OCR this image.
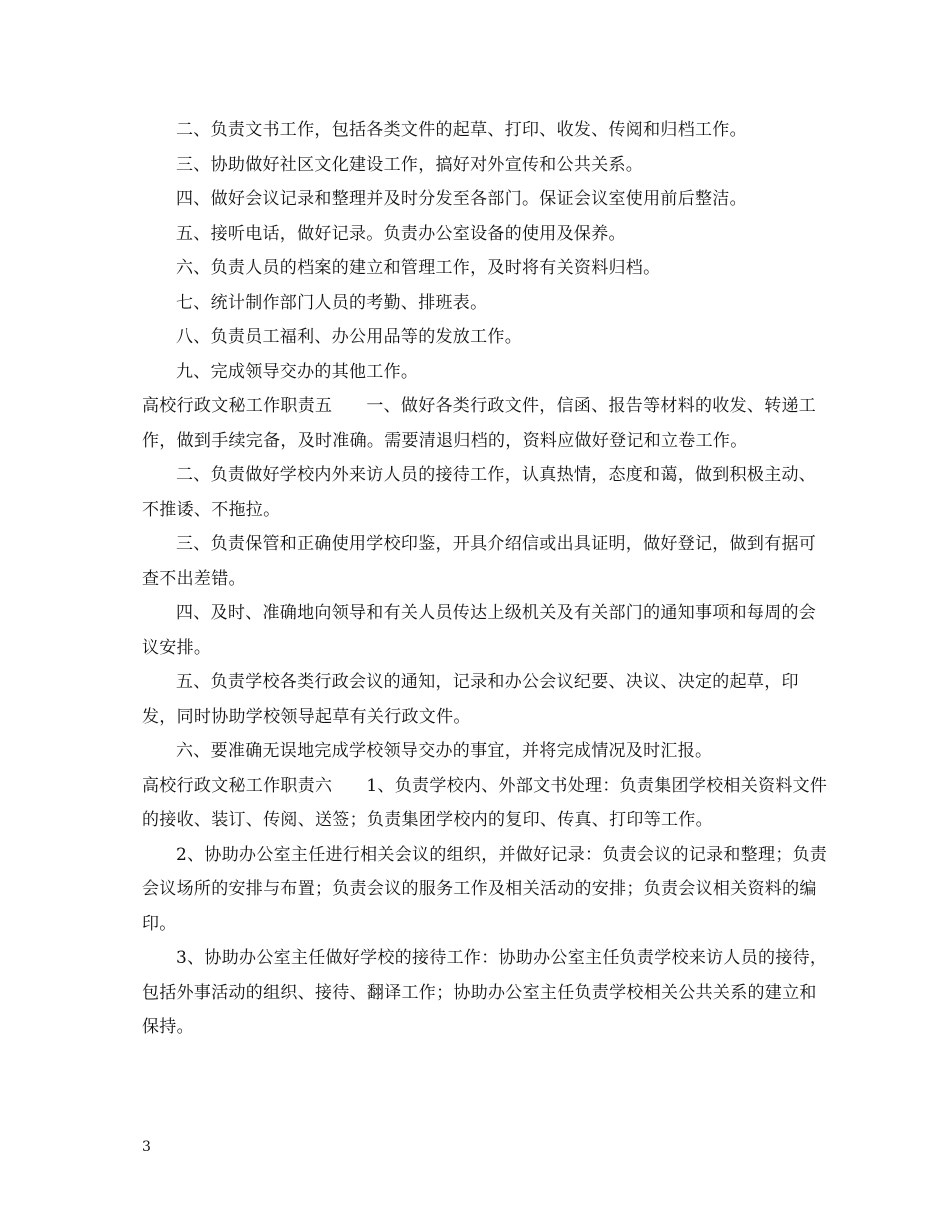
二、负责文书工作，包括各类文件的起草、打印、收发、传阅和归档工作。

三、协助做好社区文化建设工作，搞好对外宣传和公共关系。

四、做好会议记录和整理并及时分发至各部门。保证会议室使用前后整洁。

五、接听电话，做好记录。负责办公室设备的使用及保养。

六、负责人员的档案的建立和管理工作，及时将有关资料归档。

七、统计制作部门人员的考勤、排班表。

八、负责员工福利、办公用品等的发放工作。

九、完成领导交办的其他工作。

高校行政文秘工作职责五 一、做好各类行政文件，信函、报告等材料的收发、转递工作，做到手续完备，及时准确。需要清退归档的，资料应做好登记和立卷工作。

二、负责做好学校内外来访人员的接待工作，认真热情，态度和蔼，做到积极主动、不推诿、不拖拉。

三、负责保管和正确使用学校印鉴，开具介绍信或出具证明，做好登记，做到有据可查不出差错。

四、及时、准确地向领导和有关人员传达上级机关及有关部门的通知事项和每周的会议安排。

五、负责学校各类行政会议的通知，记录和办公会议纪要、决议、决定的起草，印发，同时协助学校领导起草有关行政文件。

六、要准确无误地完成学校领导交办的事宜，并将完成情况及时汇报。

高校行政文秘工作职责六 1、负责学校内、外部文书处理：负责集团学校相关资料文件的接收、装订、传阅、送签；负责集团学校内的复印、传真、打印等工作。

2、协助办公室主任进行相关会议的组织，并做好记录：负责会议的记录和整理；负责会议场所的安排与布置；负责会议的服务工作及相关活动的安排；负责会议相关资料的编印。

3、协助办公室主任做好学校的接待工作：协助办公室主任负责学校来访人员的接待，包括外事活动的组织、接待、翻译工作；协助办公室主任负责学校相关公共关系的建立和保持。

3
